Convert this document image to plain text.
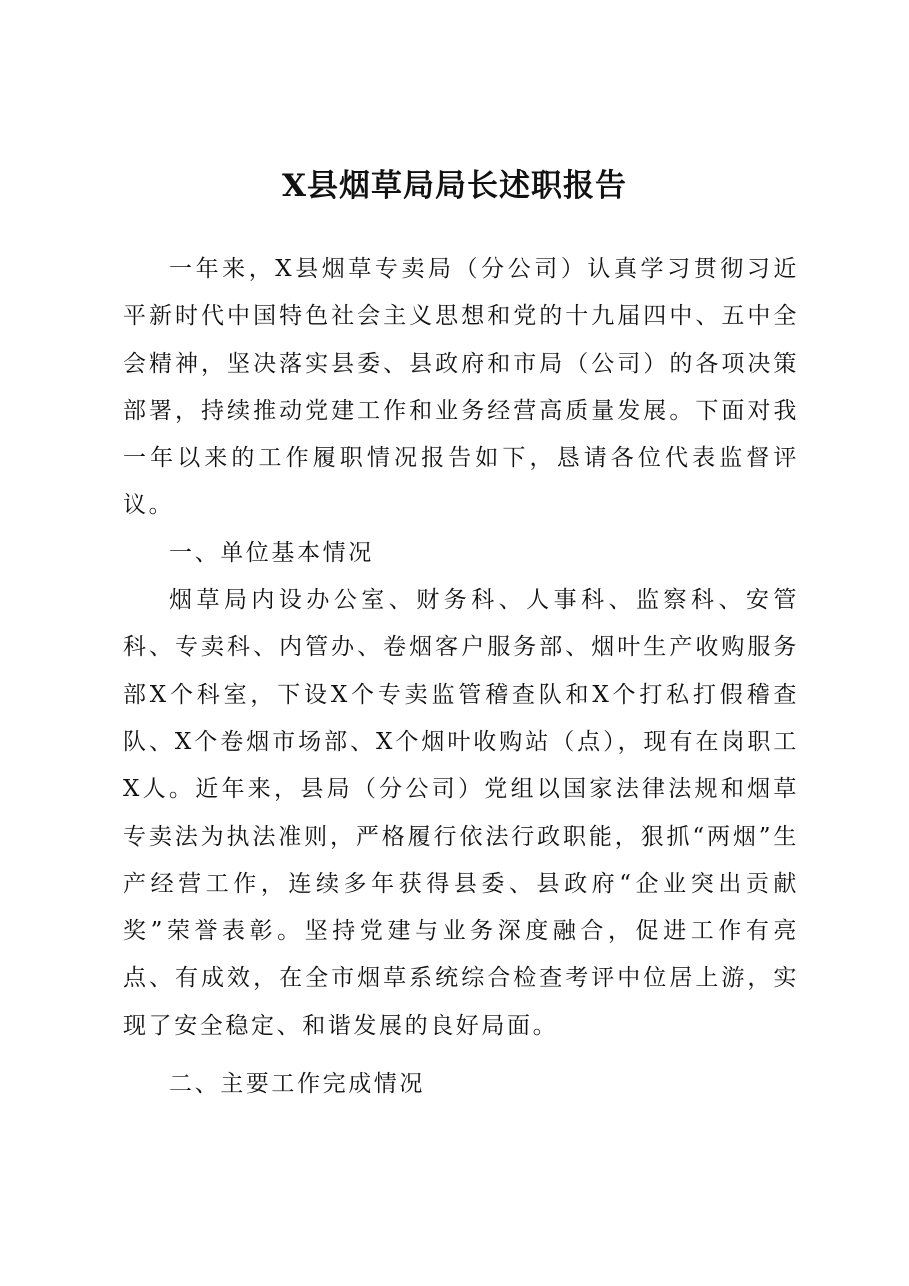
X县烟草局局长述职报告

一年来，X县烟草专卖局（分公司）认真学习贯彻习近平新时代中国特色社会主义思想和党的十九届四中、五中全会精神，坚决落实县委、县政府和市局（公司）的各项决策部署，持续推动党建工作和业务经营高质量发展。下面对我一年以来的工作履职情况报告如下，恳请各位代表监督评议。

一、单位基本情况

烟草局内设办公室、财务科、人事科、监察科、安管科、专卖科、内管办、卷烟客户服务部、烟叶生产收购服务部X个科室，下设X个专卖监管稽查队和X个打私打假稽查队、X个卷烟市场部、X个烟叶收购站（点），现有在岗职工X人。近年来，县局（分公司）党组以国家法律法规和烟草专卖法为执法准则，严格履行依法行政职能，狠抓“两烟”生产经营工作，连续多年获得县委、县政府“企业突出贡献奖”荣誉表彰。坚持党建与业务深度融合，促进工作有亮点、有成效，在全市烟草系统综合检查考评中位居上游，实现了安全稳定、和谐发展的良好局面。

二、主要工作完成情况
